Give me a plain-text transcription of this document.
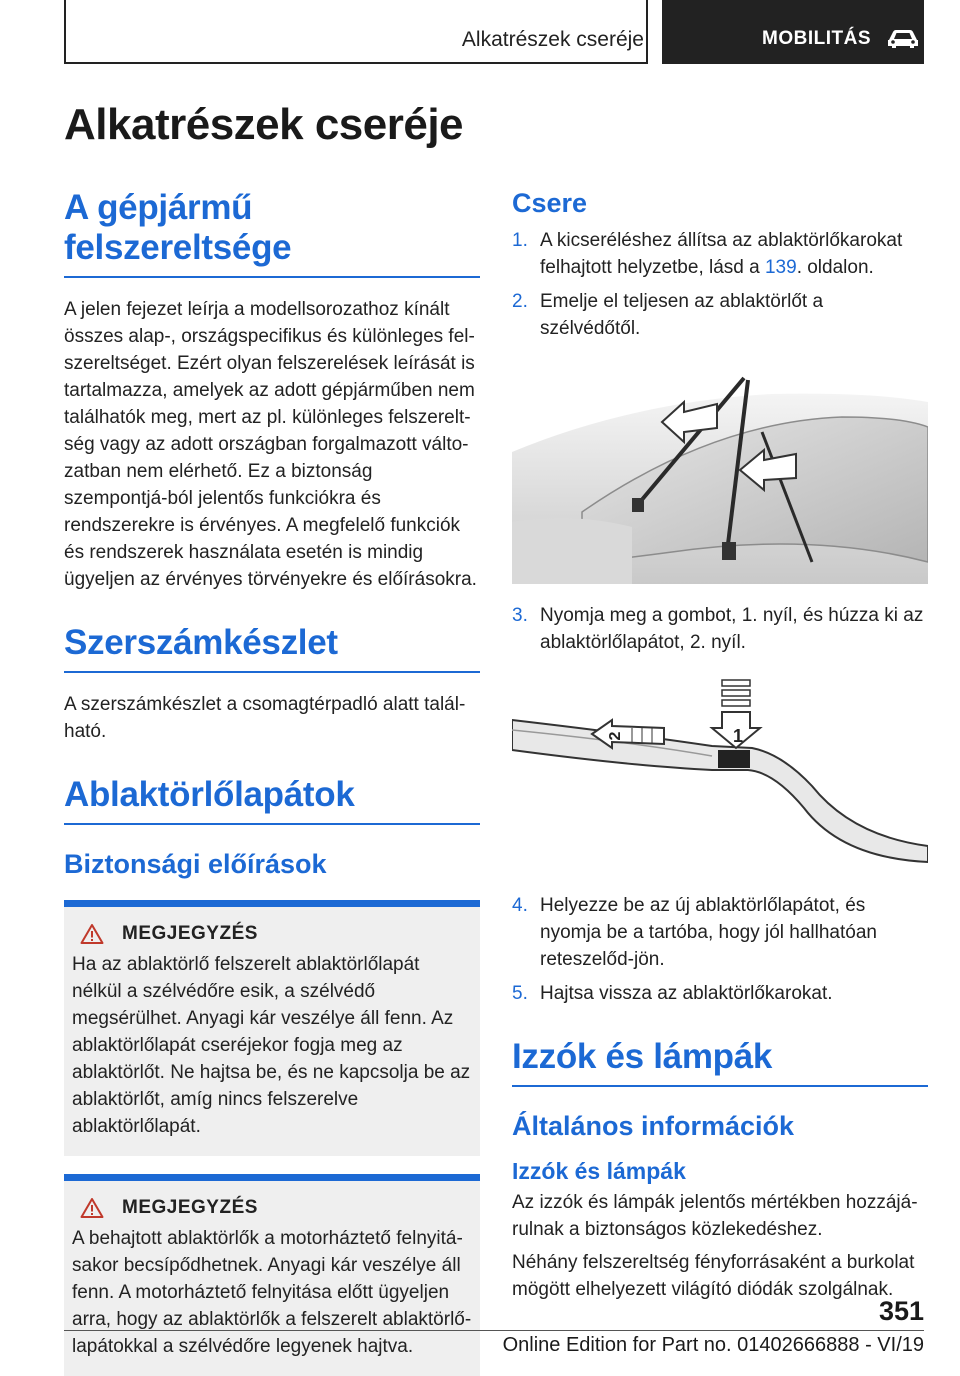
Alkatrészek cseréje	MOBILITÁS
Alkatrészek cseréje
A gépjármű felszereltsége

A jelen fejezet leírja a modellsorozathoz kínált összes alap-, országspecifikus és különleges fel-szereltséget. Ezért olyan felszerelések leírását is tartalmazza, amelyek az adott gépjárműben nem találhatók meg, mert az pl. különleges felszerelt-ség vagy az adott országban forgalmazott válto-zatban nem elérhető. Ez a biztonság szempontjá-ból jelentős funkciókra és rendszerekre is érvényes. A megfelelő funkciók és rendszerek használata esetén is mindig ügyeljen az érvényes törvényekre és előírásokra.

Szerszámkészlet

A szerszámkészlet a csomagtérpadló alatt talál-ható.

Ablaktörlőlapátok
Biztonsági előírások
MEGJEGYZÉS

Ha az ablaktörlő felszerelt ablaktörlőlapát nélkül a szélvédőre esik, a szélvédő megsérülhet. Anyagi kár veszélye áll fenn. Az ablaktörlőlapát cseréjekor fogja meg az ablaktörlőt. Ne hajtsa be, és ne kapcsolja be az ablaktörlőt, amíg nincs felszerelve ablaktörlőlapát.

MEGJEGYZÉS

A behajtott ablaktörlők a motorháztető felnyitá-sakor becsípődhetnek. Anyagi kár veszélye áll fenn. A motorháztető felnyitása előtt ügyeljen arra, hogy az ablaktörlők a felszerelt ablaktörlő-lapátokkal a szélvédőre legyenek hajtva.

Csere
1. A kicseréléshez állítsa az ablaktörlőkarokat felhajtott helyzetbe, lásd a 139. oldalon.
2. Emelje el teljesen az ablaktörlőt a szélvédőtől.
3. Nyomja meg a gombot, 1. nyíl, és húzza ki az ablaktörlőlapátot, 2. nyíl.
1
2
4. Helyezze be az új ablaktörlőlapátot, és nyomja be a tartóba, hogy jól hallhatóan reteszelőd-jön.
5. Hajtsa vissza az ablaktörlőkarokat.
Izzók és lámpák
Általános információk
Izzók és lámpák

Az izzók és lámpák jelentős mértékben hozzájá-rulnak a biztonságos közlekedéshez.

Néhány felszereltség fényforrásaként a burkolat mögött elhelyezett világító diódák szolgálnak.

351
Online Edition for Part no. 01402666888 - VI/19
